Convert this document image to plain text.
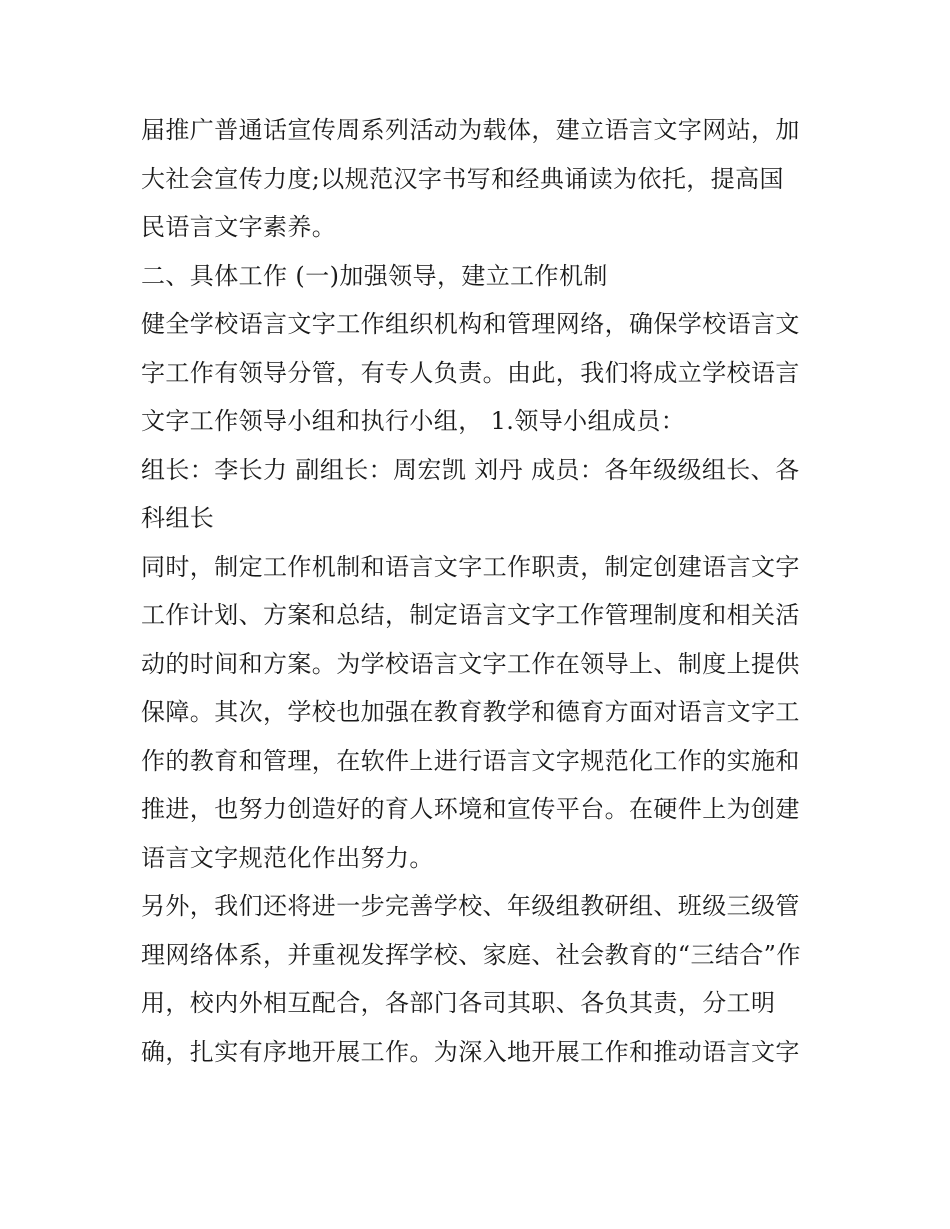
届推广普通话宣传周系列活动为载体，建立语言文字网站，加
大社会宣传力度;以规范汉字书写和经典诵读为依托，提高国
民语言文字素养。
二、具体工作 (一)加强领导，建立工作机制
健全学校语言文字工作组织机构和管理网络，确保学校语言文
字工作有领导分管，有专人负责。由此，我们将成立学校语言
文字工作领导小组和执行小组， 1.领导小组成员：
组长：李长力 副组长：周宏凯 刘丹 成员：各年级级组长、各
科组长
同时，制定工作机制和语言文字工作职责，制定创建语言文字
工作计划、方案和总结，制定语言文字工作管理制度和相关活
动的时间和方案。为学校语言文字工作在领导上、制度上提供
保障。其次，学校也加强在教育教学和德育方面对语言文字工
作的教育和管理，在软件上进行语言文字规范化工作的实施和
推进，也努力创造好的育人环境和宣传平台。在硬件上为创建
语言文字规范化作出努力。
另外，我们还将进一步完善学校、年级组教研组、班级三级管
理网络体系，并重视发挥学校、家庭、社会教育的“三结合”作
用，校内外相互配合，各部门各司其职、各负其责，分工明
确，扎实有序地开展工作。为深入地开展工作和推动语言文字
